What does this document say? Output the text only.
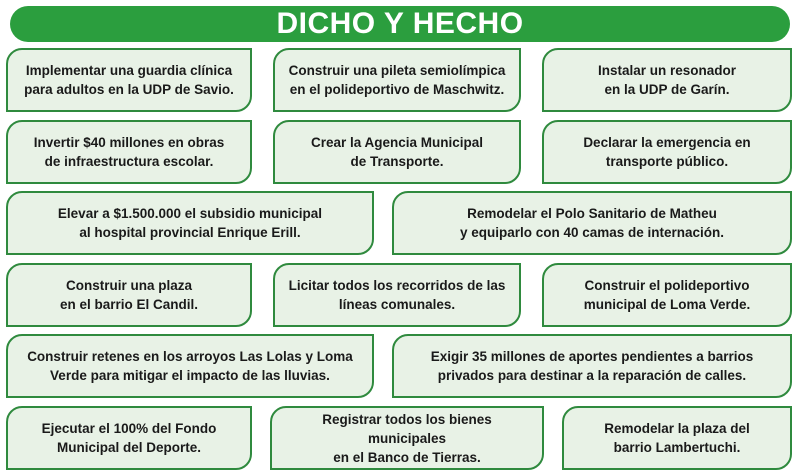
DICHO Y HECHO
Implementar una guardia clínica
para adultos en la UDP de Savio.
Construir una pileta semiolímpica
en el polideportivo de Maschwitz.
Instalar un resonador
en la UDP de Garín.
Invertir $40 millones en obras
de infraestructura escolar.
Crear la Agencia Municipal
de Transporte.
Declarar la emergencia en
transporte público.
Elevar a $1.500.000 el subsidio municipal
al hospital provincial Enrique Erill.
Remodelar el Polo Sanitario de Matheu
y equiparlo con 40 camas de internación.
Construir una plaza
en el barrio El Candil.
Licitar todos los recorridos de las
líneas comunales.
Construir el polideportivo
municipal de Loma Verde.
Construir retenes en los arroyos Las Lolas y Loma
Verde para mitigar el impacto de las lluvias.
Exigir 35 millones de aportes pendientes a barrios
privados para destinar a la reparación de calles.
Ejecutar el 100% del Fondo
Municipal del Deporte.
Registrar todos los bienes municipales
en el Banco de Tierras.
Remodelar la plaza del
barrio Lambertuchi.
